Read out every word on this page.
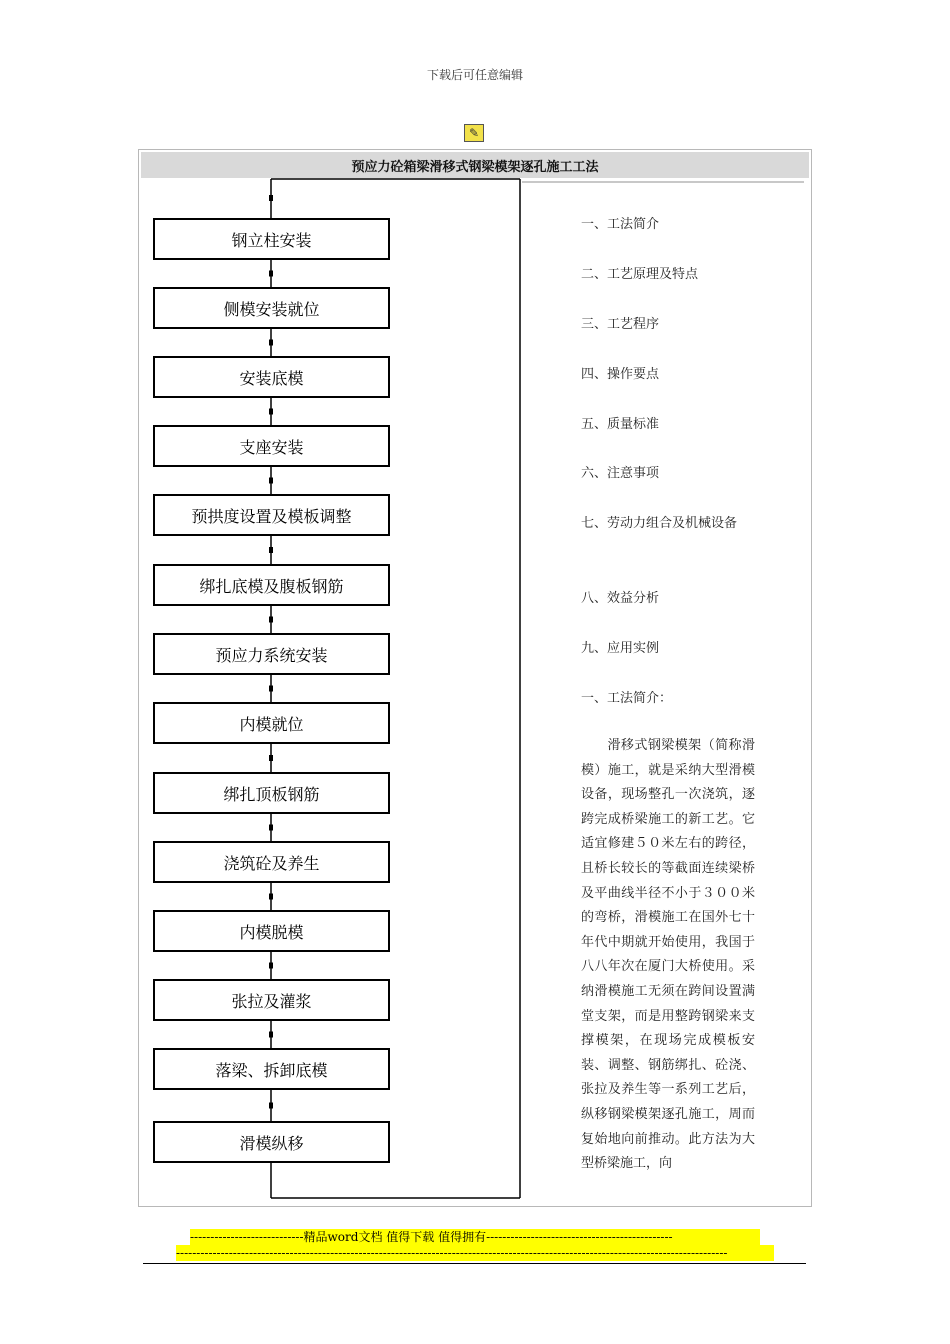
下载后可任意编辑
✎
预应力砼箱梁滑移式钢梁模架逐孔施工工法
钢立柱安装
侧模安装就位
安装底模
支座安装
预拱度设置及模板调整
绑扎底模及腹板钢筋
预应力系统安装
内模就位
绑扎顶板钢筋
浇筑砼及养生
内模脱模
张拉及灌浆
落梁、拆卸底模
滑模纵移
一、工法简介
二、工艺原理及特点
三、工艺程序
四、操作要点
五、质量标准
六、注意事项
七、劳动力组合及机械设备
八、效益分析
九、应用实例
一、工法简介：

  滑移式钢梁模架（简称滑模）施工，就是采纳大型滑模设备，现场整孔一次浇筑，逐跨完成桥梁施工的新工艺。它适宜修建５０米左右的跨径，且桥长较长的等截面连续梁桥及平曲线半径不小于３００米的弯桥，滑模施工在国外七十年代中期就开始使用，我国于八八年次在厦门大桥使用。采纳滑模施工无须在跨间设置满堂支架，而是用整跨钢梁来支撑模架，在现场完成模板安装、调整、钢筋绑扎、砼浇、张拉及养生等一系列工艺后，纵移钢梁模架逐孔施工，周而复始地向前推动。此方法为大型桥梁施工，向

----------------------------精品word文档 值得下载 值得拥有----------------------------------------------
----------------------------------------------------------------------------------------------------------------------------------------
